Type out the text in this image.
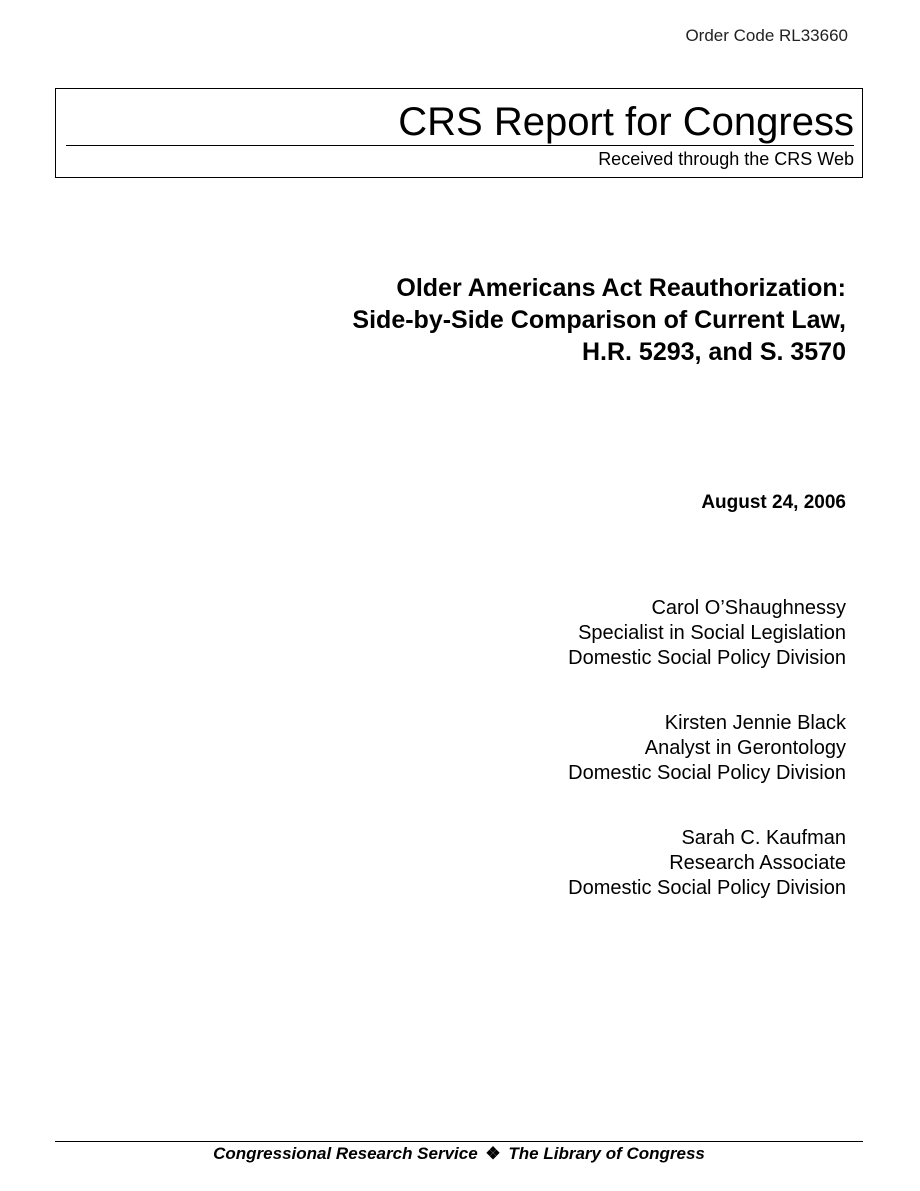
Order Code RL33660
CRS Report for Congress
Received through the CRS Web
Older Americans Act Reauthorization:
Side-by-Side Comparison of Current Law,
H.R. 5293, and S. 3570
August 24, 2006
Carol O’Shaughnessy
Specialist in Social Legislation
Domestic Social Policy Division
Kirsten Jennie Black
Analyst in Gerontology
Domestic Social Policy Division
Sarah C. Kaufman
Research Associate
Domestic Social Policy Division
Congressional Research Service ❖ The Library of Congress
